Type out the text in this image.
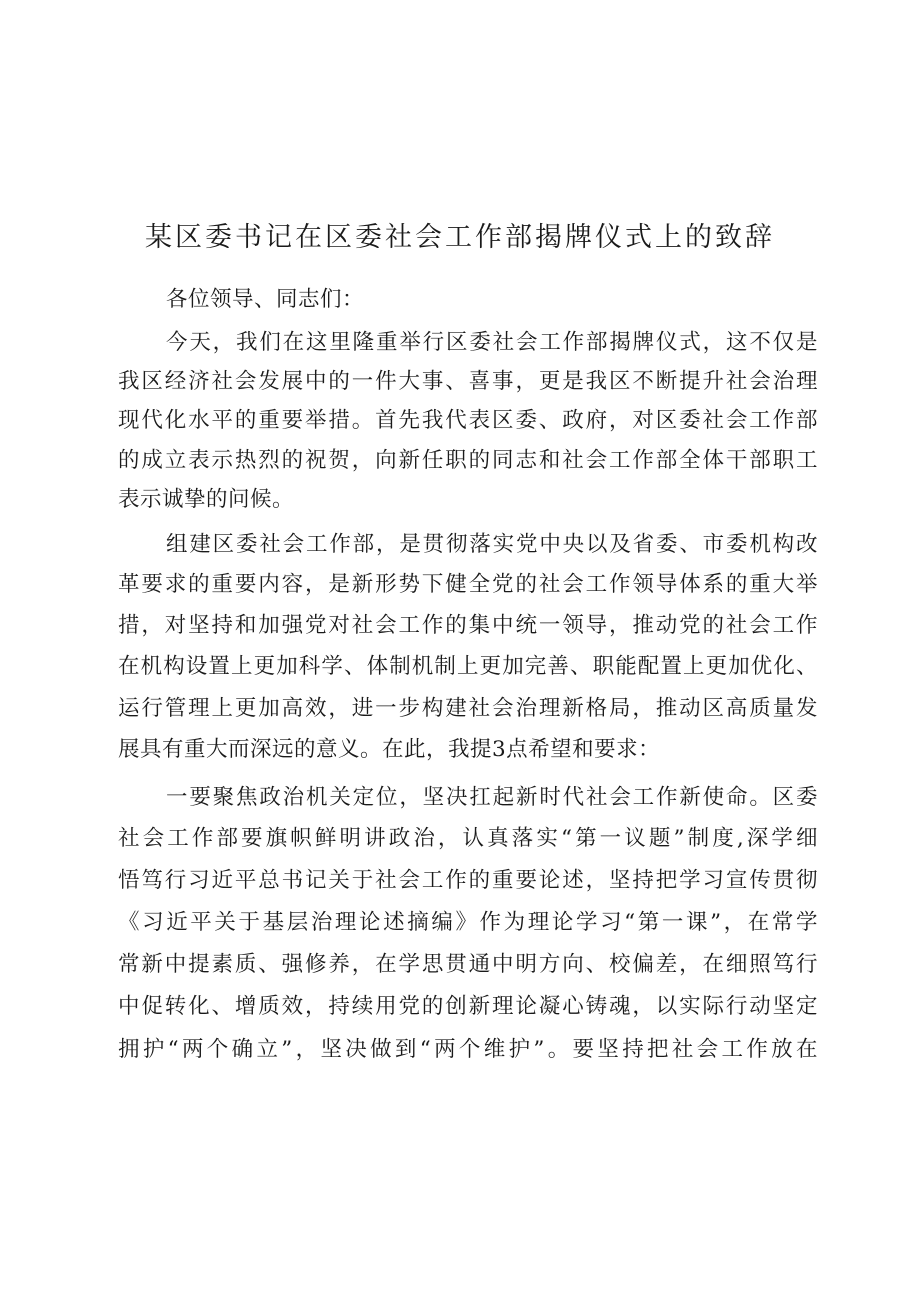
某区委书记在区委社会工作部揭牌仪式上的致辞
各位领导、同志们：
今天，我们在这里隆重举行区委社会工作部揭牌仪式，这不仅是
我区经济社会发展中的一件大事、喜事，更是我区不断提升社会治理
现代化水平的重要举措。首先我代表区委、政府，对区委社会工作部
的成立表示热烈的祝贺，向新任职的同志和社会工作部全体干部职工
表示诚挚的问候。
组建区委社会工作部，是贯彻落实党中央以及省委、市委机构改
革要求的重要内容，是新形势下健全党的社会工作领导体系的重大举
措，对坚持和加强党对社会工作的集中统一领导，推动党的社会工作
在机构设置上更加科学、体制机制上更加完善、职能配置上更加优化、
运行管理上更加高效，进一步构建社会治理新格局，推动区高质量发
展具有重大而深远的意义。在此，我提3点希望和要求：
一要聚焦政治机关定位，坚决扛起新时代社会工作新使命。区委
社会工作部要旗帜鲜明讲政治，认真落实“第一议题”制度,深学细
悟笃行习近平总书记关于社会工作的重要论述，坚持把学习宣传贯彻
《习近平关于基层治理论述摘编》作为理论学习“第一课”，在常学
常新中提素质、强修养，在学思贯通中明方向、校偏差，在细照笃行
中促转化、增质效，持续用党的创新理论凝心铸魂，以实际行动坚定
拥护“两个确立”，坚决做到“两个维护”。要坚持把社会工作放在
